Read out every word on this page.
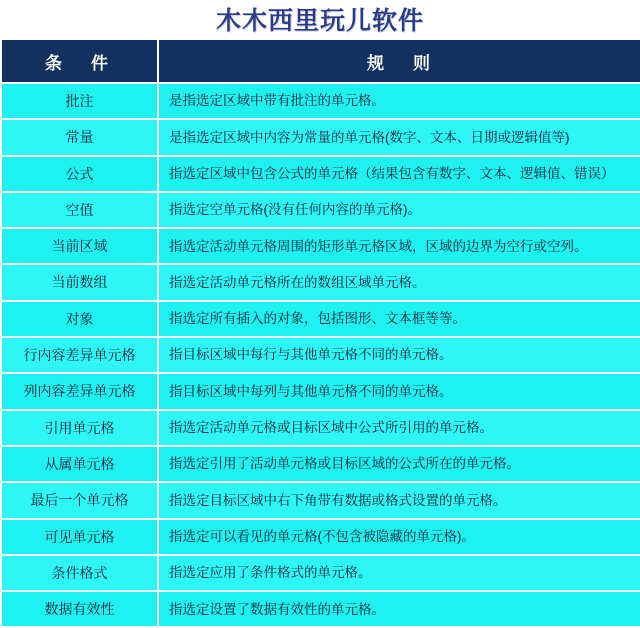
木木西里玩儿软件
条　件	规　则
批注	是指选定区域中带有批注的单元格。
常量	是指选定区域中内容为常量的单元格(数字、文本、日期或逻辑值等)
公式	指选定区域中包含公式的单元格（结果包含有数字、文本、逻辑值、错误）
空值	指选定空单元格(没有任何内容的单元格)。
当前区域	指选定活动单元格周围的矩形单元格区域，区域的边界为空行或空列。
当前数组	指选定活动单元格所在的数组区域单元格。
对象	指选定所有插入的对象，包括图形、文本框等等。
行内容差异单元格	指目标区域中每行与其他单元格不同的单元格。
列内容差异单元格	指目标区域中每列与其他单元格不同的单元格。
引用单元格	指选定活动单元格或目标区域中公式所引用的单元格。
从属单元格	指选定引用了活动单元格或目标区域的公式所在的单元格。
最后一个单元格	指选定目标区域中右下角带有数据或格式设置的单元格。
可见单元格	指选定可以看见的单元格(不包含被隐藏的单元格)。
条件格式	指选定应用了条件格式的单元格。
数据有效性	指选定设置了数据有效性的单元格。
